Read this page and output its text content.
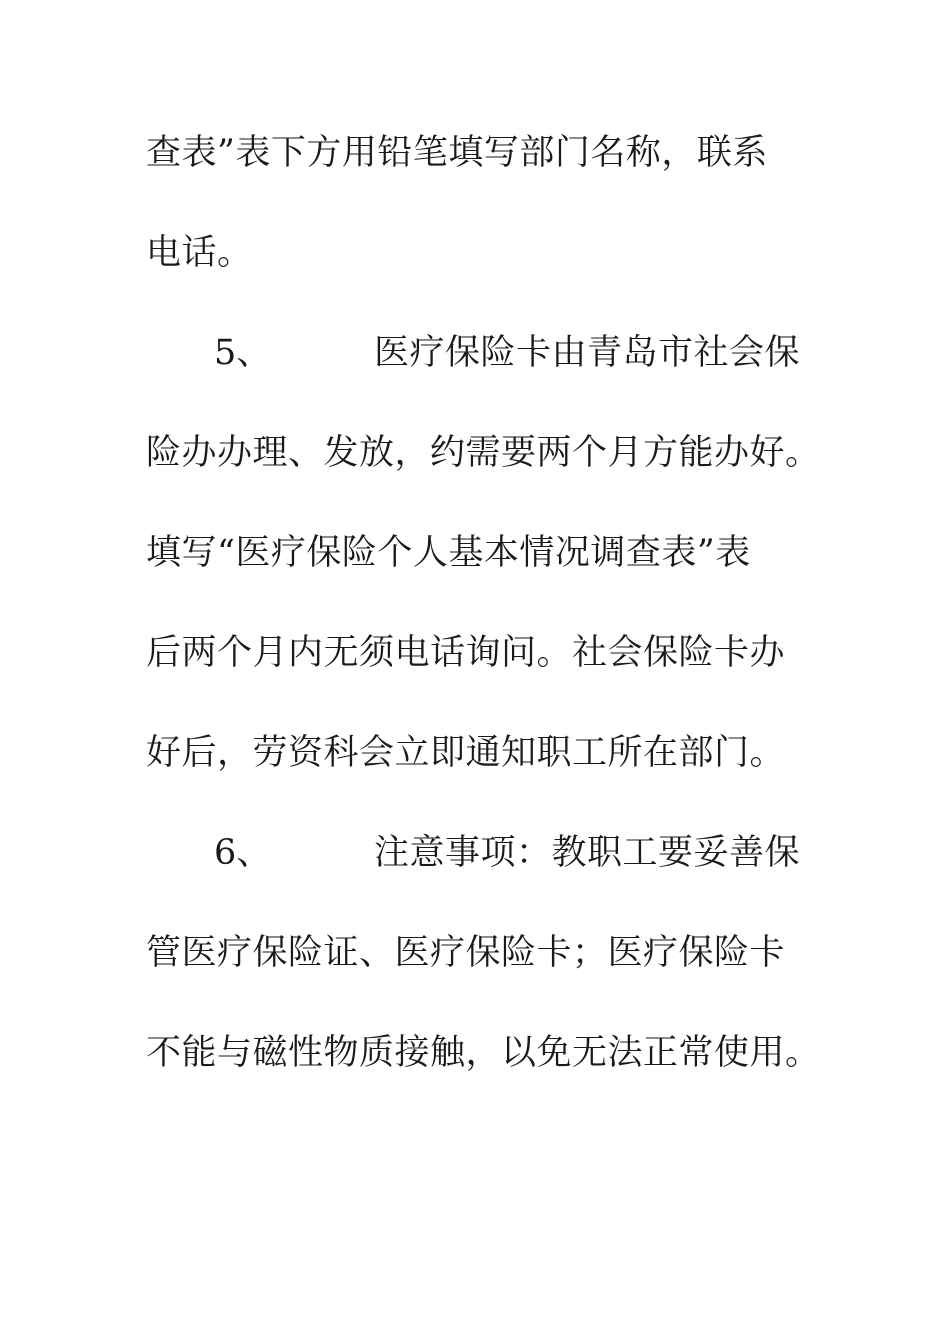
查表”表下方用铅笔填写部门名称，联系
电话。
5、	医疗保险卡由青岛市社会保
险办办理、发放，约需要两个月方能办好。
填写“医疗保险个人基本情况调查表”表
后两个月内无须电话询问。社会保险卡办
好后，劳资科会立即通知职工所在部门。
6、	注意事项：教职工要妥善保
管医疗保险证、医疗保险卡；医疗保险卡
不能与磁性物质接触，以免无法正常使用。
